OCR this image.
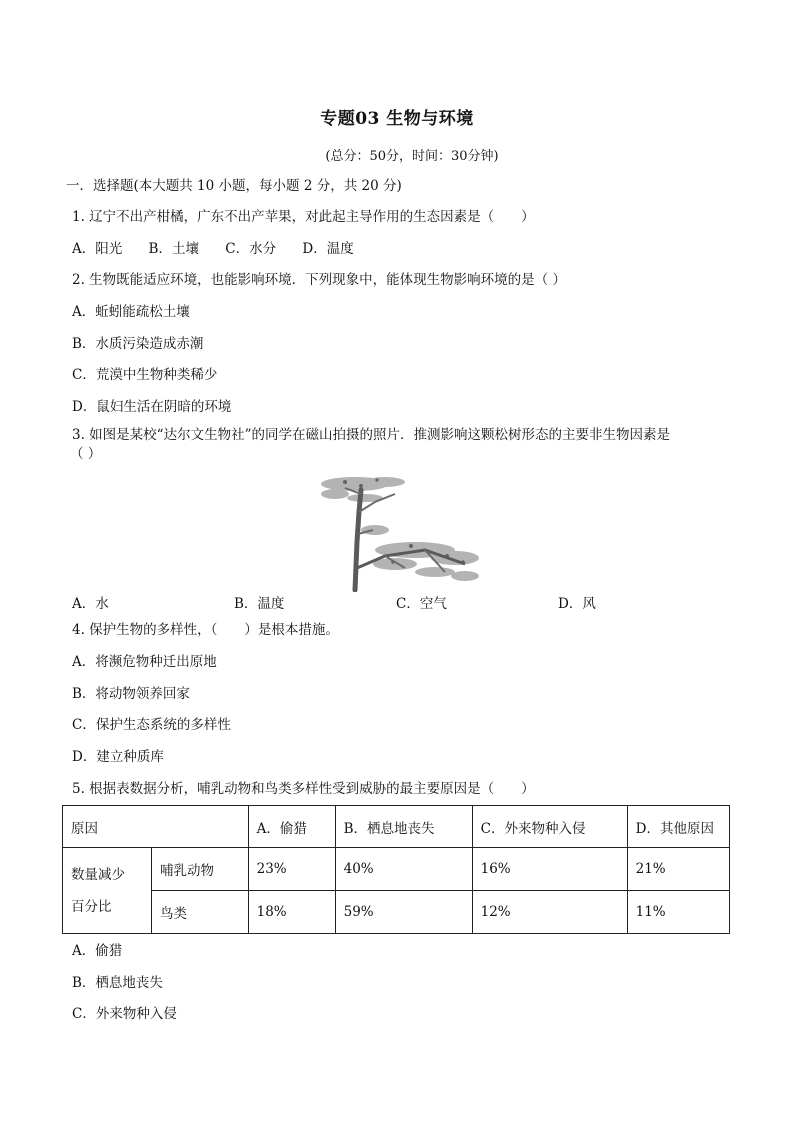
专题03 生物与环境
(总分：50分，时间：30分钟)
一．选择题(本大题共 10 小题，每小题 2 分，共 20 分)
1. 辽宁不出产柑橘，广东不出产苹果，对此起主导作用的生态因素是（　　）
A．阳光 B．土壤 C．水分 D．温度
2. 生物既能适应环境，也能影响环境．下列现象中，能体现生物影响环境的是（ ）
A．蚯蚓能疏松土壤
B．水质污染造成赤潮
C．荒漠中生物种类稀少
D．鼠妇生活在阴暗的环境
3. 如图是某校“达尔文生物社”的同学在磁山拍摄的照片．推测影响这颗松树形态的主要非生物因素是
（ ）
A．水	B．温度	C．空气	D．风
4. 保护生物的多样性，（　　）是根本措施。
A．将濒危物种迁出原地
B．将动物领养回家
C．保护生态系统的多样性
D．建立种质库
5. 根据表数据分析，哺乳动物和鸟类多样性受到威胁的最主要原因是（　　）
原因		A．偷猎	B．栖息地丧失	C．外来物种入侵	D．其他原因

数量减少
百分比	哺乳动物	23%	40%	16%	21%
	鸟类	18%	59%	12%	11%
A．偷猎
B．栖息地丧失
C．外来物种入侵
